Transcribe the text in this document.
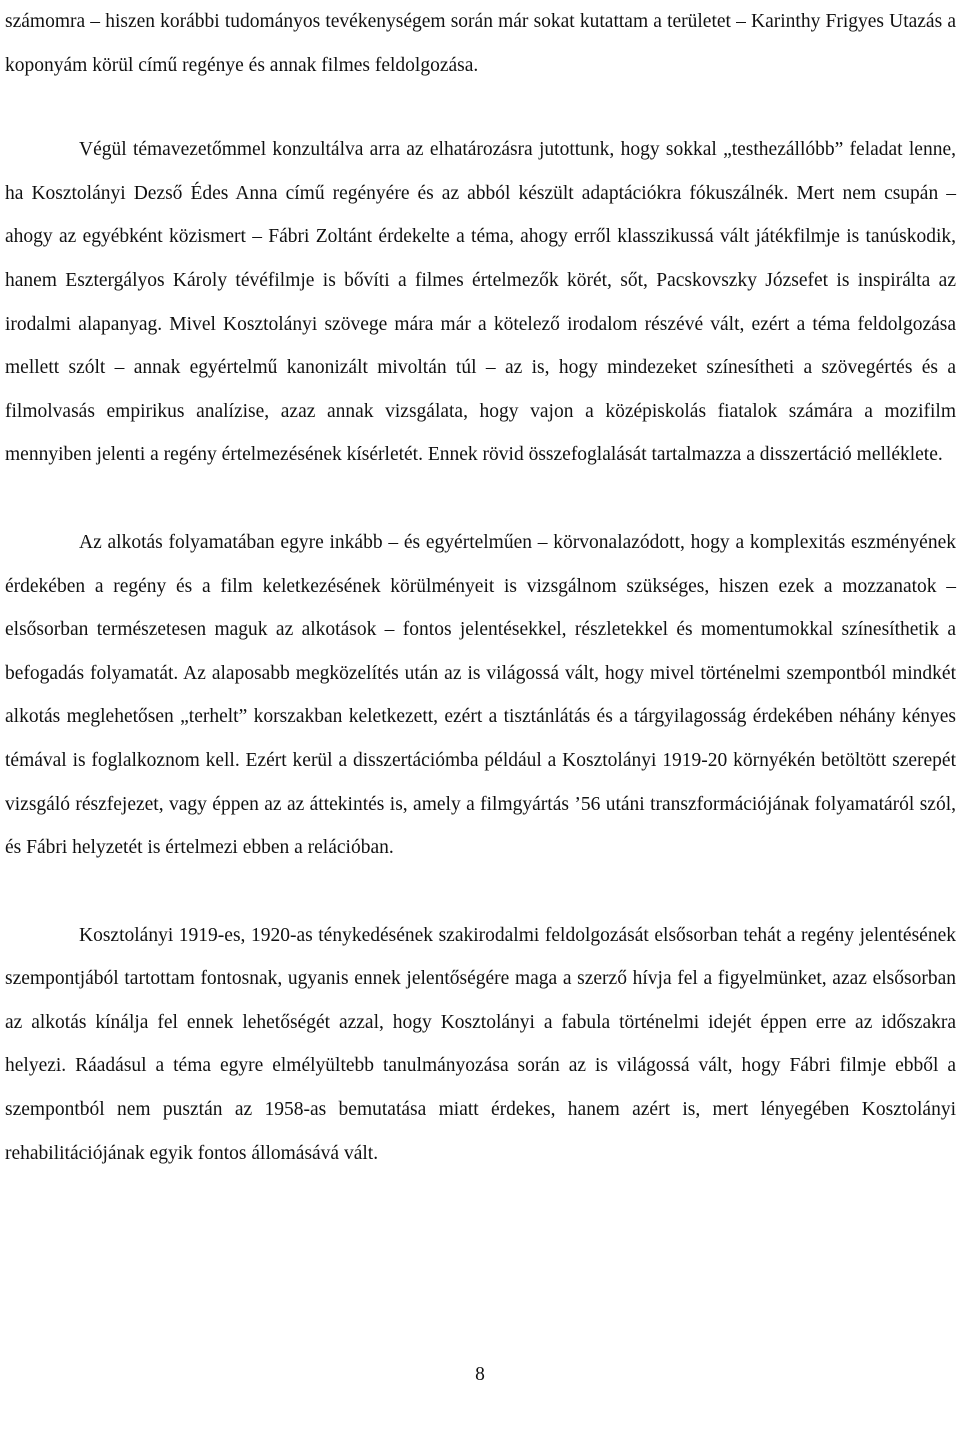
számomra – hiszen korábbi tudományos tevékenységem során már sokat kutattam a területet – Karinthy Frigyes Utazás a koponyám körül című regénye és annak filmes feldolgozása.

Végül témavezetőmmel konzultálva arra az elhatározásra jutottunk, hogy sokkal „testhezállóbb” feladat lenne, ha Kosztolányi Dezső Édes Anna című regényére és az abból készült adaptációkra fókuszálnék. Mert nem csupán – ahogy az egyébként közismert – Fábri Zoltánt érdekelte a téma, ahogy erről klasszikussá vált játékfilmje is tanúskodik, hanem Esztergályos Károly tévéfilmje is bővíti a filmes értelmezők körét, sőt, Pacskovszky Józsefet is inspirálta az irodalmi alapanyag. Mivel Kosztolányi szövege mára már a kötelező irodalom részévé vált, ezért a téma feldolgozása mellett szólt – annak egyértelmű kanonizált mivoltán túl – az is, hogy mindezeket színesítheti a szövegértés és a filmolvasás empirikus analízise, azaz annak vizsgálata, hogy vajon a középiskolás fiatalok számára a mozifilm mennyiben jelenti a regény értelmezésének kísérletét. Ennek rövid összefoglalását tartalmazza a disszertáció melléklete.

Az alkotás folyamatában egyre inkább – és egyértelműen – körvonalazódott, hogy a komplexitás eszményének érdekében a regény és a film keletkezésének körülményeit is vizsgálnom szükséges, hiszen ezek a mozzanatok – elsősorban természetesen maguk az alkotások – fontos jelentésekkel, részletekkel és momentumokkal színesíthetik a befogadás folyamatát. Az alaposabb megközelítés után az is világossá vált, hogy mivel történelmi szempontból mindkét alkotás meglehetősen „terhelt” korszakban keletkezett, ezért a tisztánlátás és a tárgyilagosság érdekében néhány kényes témával is foglalkoznom kell. Ezért kerül a disszertációmba például a Kosztolányi 1919-20 környékén betöltött szerepét vizsgáló részfejezet, vagy éppen az az áttekintés is, amely a filmgyártás ’56 utáni transzformációjának folyamatáról szól, és Fábri helyzetét is értelmezi ebben a relációban.

Kosztolányi 1919-es, 1920-as ténykedésének szakirodalmi feldolgozását elsősorban tehát a regény jelentésének szempontjából tartottam fontosnak, ugyanis ennek jelentőségére maga a szerző hívja fel a figyelmünket, azaz elsősorban az alkotás kínálja fel ennek lehetőségét azzal, hogy Kosztolányi a fabula történelmi idejét éppen erre az időszakra helyezi. Ráadásul a téma egyre elmélyültebb tanulmányozása során az is világossá vált, hogy Fábri filmje ebből a szempontból nem pusztán az 1958-as bemutatása miatt érdekes, hanem azért is, mert lényegében Kosztolányi rehabilitációjának egyik fontos állomásává vált.

8
